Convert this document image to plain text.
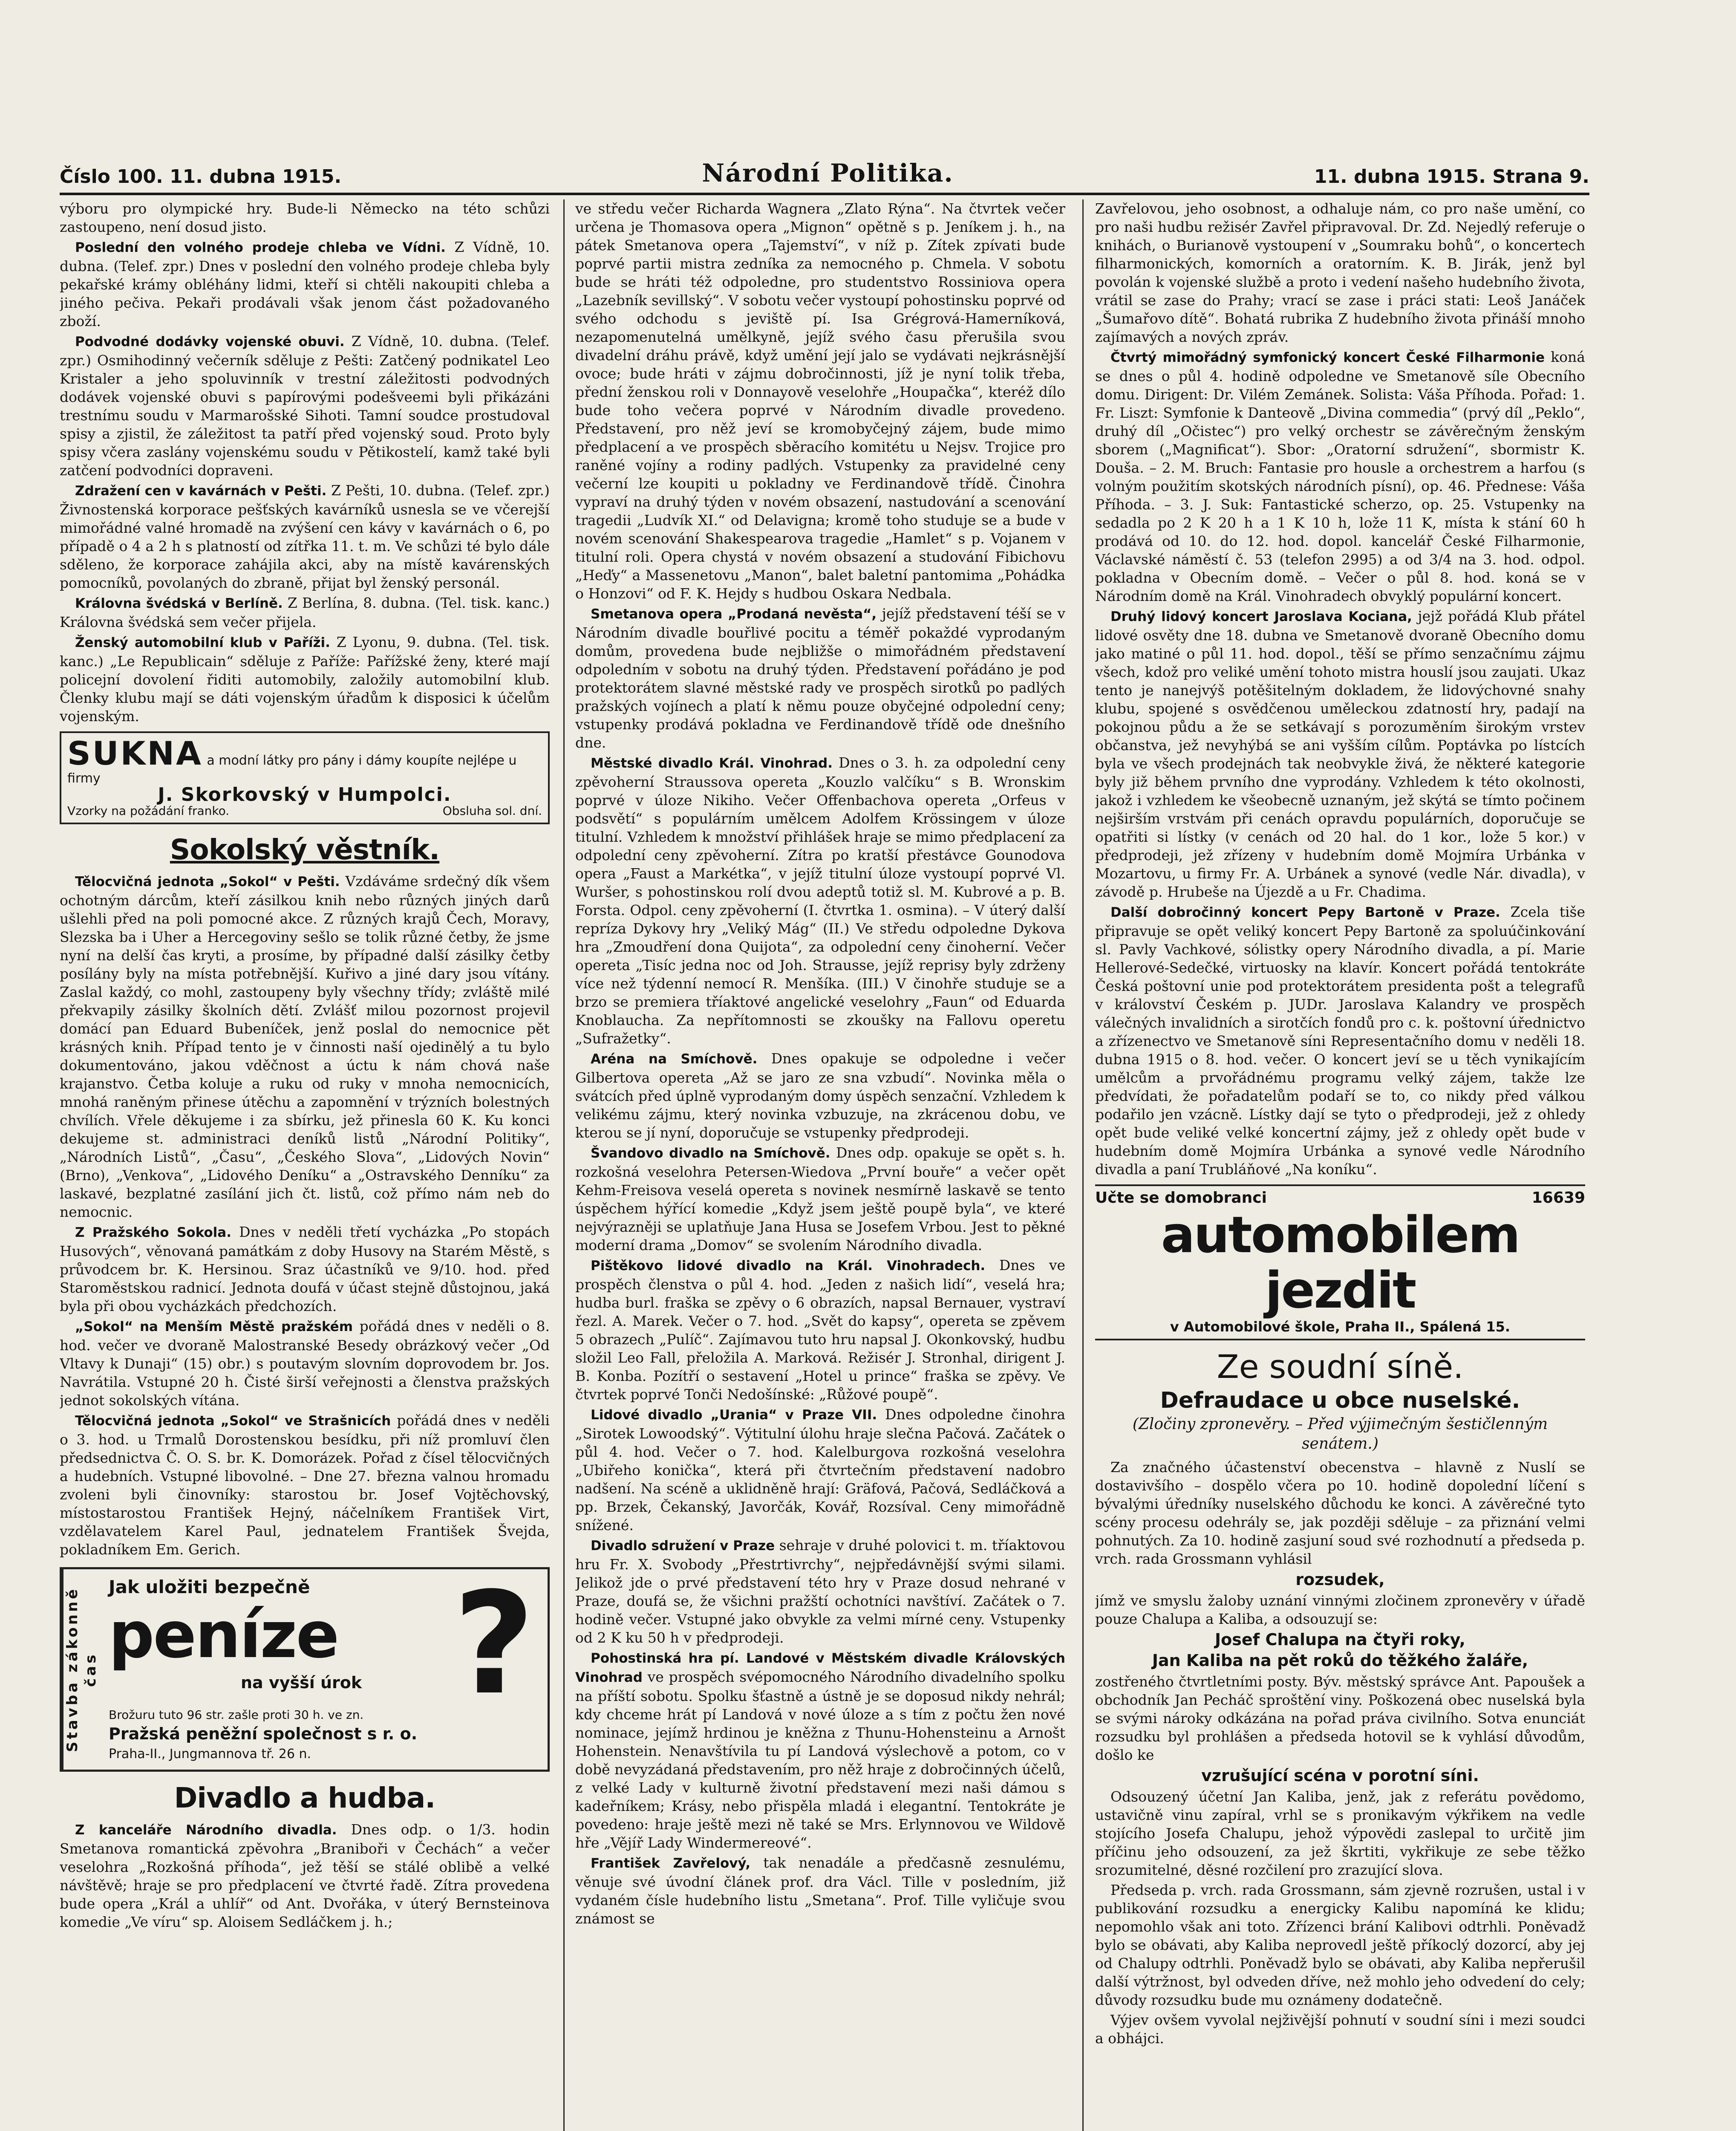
Číslo 100. 11. dubna 1915.	Národní Politika.	11. dubna 1915. Strana 9.

výboru pro olympické hry. Bude-li Německo na této schůzi zastoupeno, není dosud jisto.

Poslední den volného prodeje chleba ve Vídni. Z Vídně, 10. dubna. (Telef. zpr.) Dnes v poslední den volného prodeje chleba byly pekařské krámy obléhány lidmi, kteří si chtěli nakoupiti chleba a jiného pečiva. Pekaři prodávali však jenom část požadovaného zboží.

Podvodné dodávky vojenské obuvi. Z Vídně, 10. dubna. (Telef. zpr.) Osmihodinný večerník sděluje z Pešti: Zatčený podnikatel Leo Kristaler a jeho spoluvinník v trestní záležitosti podvodných dodávek vojenské obuvi s papírovými podešveemi byli přikázáni trestnímu soudu v Marmarošské Sihoti. Tamní soudce prostudoval spisy a zjistil, že záležitost ta patří před vojenský soud. Proto byly spisy včera zaslány vojenskému soudu v Pětikostelí, kamž také byli zatčení podvodníci dopraveni.

Zdražení cen v kavárnách v Pešti. Z Pešti, 10. dubna. (Telef. zpr.) Živnostenská korporace pešťských kavárníků usnesla se ve včerejší mimořádné valné hromadě na zvýšení cen kávy v kavárnách o 6, po případě o 4 a 2 h s platností od zítřka 11. t. m. Ve schůzi té bylo dále sděleno, že korporace zahájila akci, aby na místě kavárenských pomocníků, povolaných do zbraně, přijat byl ženský personál.

Královna švédská v Berlíně. Z Berlína, 8. dubna. (Tel. tisk. kanc.) Královna švédská sem večer přijela.

Ženský automobilní klub v Paříži. Z Lyonu, 9. dubna. (Tel. tisk. kanc.) „Le Republicain“ sděluje z Paříže: Pařížské ženy, které mají policejní dovolení řiditi automobily, založily automobilní klub. Členky klubu mají se dáti vojenským úřadům k disposici k účelům vojenským.

SUKNA a modní látky pro pány i dámy koupíte nejlépe u firmy
J. Skorkovský v Humpolci.
Vzorky na požádání franko.	Obsluha sol. dní.
Sokolský věstník.

Tělocvičná jednota „Sokol“ v Pešti. Vzdáváme srdečný dík všem ochotným dárcům, kteří zásilkou knih nebo různých jiných darů ušlehli před na poli pomocné akce. Z různých krajů Čech, Moravy, Slezska ba i Uher a Hercegoviny sešlo se tolik různé četby, že jsme nyní na delší čas kryti, a prosíme, by případné další zásilky četby posílány byly na místa potřebnější. Kuřivo a jiné dary jsou vítány. Zaslal každý, co mohl, zastoupeny byly všechny třídy; zvláště milé překvapily zásilky školních dětí. Zvlášť milou pozornost projevil domácí pan Eduard Bubeníček, jenž poslal do nemocnice pět krásných knih. Případ tento je v činnosti naší ojedinělý a tu bylo dokumentováno, jakou vděčnost a úctu k nám chová naše krajanstvo. Četba koluje a ruku od ruky v mnoha nemocnicích, mnohá raněným přinese útěchu a zapomnění v trýzních bolestných chvílích. Vřele děkujeme i za sbírku, jež přinesla 60 K. Ku konci dekujeme st. administraci deníků listů „Národní Politiky“, „Národních Listů“, „Času“, „Českého Slova“, „Lidových Novin“ (Brno), „Venkova“, „Lidového Deníku“ a „Ostravského Denníku“ za laskavé, bezplatné zasílání jich čt. listů, což přímo nám neb do nemocnic.

Z Pražského Sokola. Dnes v neděli třetí vycházka „Po stopách Husových“, věnovaná památkám z doby Husovy na Starém Městě, s průvodcem br. K. Hersinou. Sraz účastníků ve 9/10. hod. před Staroměstskou radnicí. Jednota doufá v účast stejně důstojnou, jaká byla při obou vycházkách předchozích.

„Sokol“ na Menším Městě pražském pořádá dnes v neděli o 8. hod. večer ve dvoraně Malostranské Besedy obrázkový večer „Od Vltavy k Dunaji“ (15) obr.) s poutavým slovním doprovodem br. Jos. Navrátila. Vstupné 20 h. Čisté širší veřejnosti a členstva pražských jednot sokolských vítána.

Tělocvičná jednota „Sokol“ ve Strašnicích pořádá dnes v neděli o 3. hod. u Trmalů Dorostenskou besídku, při níž promluví člen předsednictva Č. O. S. br. K. Domorázek. Pořad z čísel tělocvičných a hudebních. Vstupné libovolné. – Dne 27. března valnou hromadu zvoleni byli činovníky: starostou br. Josef Vojtěchovský, místostarostou František Hejný, náčelníkem František Virt, vzdělavatelem Karel Paul, jednatelem František Švejda, pokladníkem Em. Gerich.

Stavba zákonně čas
Jak uložiti bezpečně
peníze ?
na vyšší úrok
Brožuru tuto 96 str. zašle proti 30 h. ve zn.
Pražská peněžní společnost s r. o.
Praha-II., Jungmannova tř. 26 n.
Divadlo a hudba.

Z kanceláře Národního divadla. Dnes odp. o 1/3. hodin Smetanova romantická zpěvohra „Braniboři v Čechách“ a večer veselohra „Rozkošná příhoda“, jež těší se stálé oblibě a velké návštěvě; hraje se pro předplacení ve čtvrté řadě. Zítra provedena bude opera „Král a uhlíř“ od Ant. Dvořáka, v úterý Bernsteinova komedie „Ve víru“ sp. Aloisem Sedláčkem j. h.;

ve středu večer Richarda Wagnera „Zlato Rýna“. Na čtvrtek večer určena je Thomasova opera „Mignon“ opětně s p. Jeníkem j. h., na pátek Smetanova opera „Tajemství“, v níž p. Zítek zpívati bude poprvé partii mistra zedníka za nemocného p. Chmela. V sobotu bude se hráti též odpoledne, pro studentstvo Rossiniova opera „Lazebník sevillský“. V sobotu večer vystoupí pohostinsku poprvé od svého odchodu s jeviště pí. Isa Grégrová-Hamerníková, nezapomenutelná umělkyně, jejíž svého času přerušila svou divadelní dráhu právě, když umění její jalo se vydávati nejkrásnější ovoce; bude hráti v zájmu dobročinnosti, jíž je nyní tolik třeba, přední ženskou roli v Donnayově veselohře „Houpačka“, kteréž dílo bude toho večera poprvé v Národním divadle provedeno. Představení, pro něž jeví se kromobyčejný zájem, bude mimo předplacení a ve prospěch sběracího komitétu u Nejsv. Trojice pro raněné vojíny a rodiny padlých. Vstupenky za pravidelné ceny večerní lze koupiti u pokladny ve Ferdinandově třídě. Činohra vypraví na druhý týden v novém obsazení, nastudování a scenování tragedii „Ludvík XI.“ od Delavigna; kromě toho studuje se a bude v novém scenování Shakespearova tragedie „Hamlet“ s p. Vojanem v titulní roli. Opera chystá v novém obsazení a studování Fibichovu „Heďy“ a Massenetovu „Manon“, balet baletní pantomima „Pohádka o Honzovi“ od F. K. Hejdy s hudbou Oskara Nedbala.

Smetanova opera „Prodaná nevěsta“, jejíž představení téší se v Národním divadle bouřlivé pocitu a téměř pokaždé vyprodaným domům, provedena bude nejbližše o mimořádném představení odpoledním v sobotu na druhý týden. Představení pořádáno je pod protektorátem slavné městské rady ve prospěch sirotků po padlých pražských vojínech a platí k němu pouze obyčejné odpolední ceny; vstupenky prodává pokladna ve Ferdinandově třídě ode dnešního dne.

Městské divadlo Král. Vinohrad. Dnes o 3. h. za odpolední ceny zpěvoherní Straussova opereta „Kouzlo valčíku“ s B. Wronskim poprvé v úloze Nikiho. Večer Offenbachova opereta „Orfeus v podsvětí“ s populárním umělcem Adolfem Krössingem v úloze titulní. Vzhledem k množství přihlášek hraje se mimo předplacení za odpolední ceny zpěvoherní. Zítra po kratší přestávce Gounodova opera „Faust a Markétka“, v jejíž titulní úloze vystoupí poprvé Vl. Wuršer, s pohostinskou rolí dvou adeptů totiž sl. M. Kubrové a p. B. Forsta. Odpol. ceny zpěvoherní (I. čtvrtka 1. osmina). – V úterý další repríza Dykovy hry „Veliký Mág“ (II.) Ve středu odpoledne Dykova hra „Zmoudření dona Quijota“, za odpolední ceny činoherní. Večer opereta „Tisíc jedna noc od Joh. Strausse, jejíž reprisy byly zdrženy více než týdenní nemocí R. Menšíka. (III.) V činohře studuje se a brzo se premiera tříaktové angelické veselohry „Faun“ od Eduarda Knoblaucha. Za nepřítomnosti se zkoušky na Fallovu operetu „Sufražetky“.

Aréna na Smíchově. Dnes opakuje se odpoledne i večer Gilbertova opereta „Až se jaro ze sna vzbudí“. Novinka měla o svátcích před úplně vyprodaným domy úspěch senzační. Vzhledem k velikému zájmu, který novinka vzbuzuje, na zkrácenou dobu, ve kterou se jí nyní, doporučuje se vstupenky předprodeji.

Švandovo divadlo na Smíchově. Dnes odp. opakuje se opět s. h. rozkošná veselohra Petersen-Wiedova „První bouře“ a večer opět Kehm-Freisova veselá opereta s novinek nesmírně laskavě se tento úspěchem hýřící komedie „Když jsem ještě poupě byla“, ve které nejvýrazněji se uplatňuje Jana Husa se Josefem Vrbou. Jest to pěkné moderní drama „Domov“ se svolením Národního divadla.

Pištěkovo lidové divadlo na Král. Vinohradech. Dnes ve prospěch členstva o půl 4. hod. „Jeden z našich lidí“, veselá hra; hudba burl. fraška se zpěvy o 6 obrazích, napsal Bernauer, vystraví řezl. A. Marek. Večer o 7. hod. „Svět do kapsy“, opereta se zpěvem 5 obrazech „Pulíč“. Zajímavou tuto hru napsal J. Okonkovský, hudbu složil Leo Fall, přeložila A. Marková. Režisér J. Stronhal, dirigent J. B. Konba. Pozítří o sestavení „Hotel u prince“ fraška se zpěvy. Ve čtvrtek poprvé Tonči Nedošínské: „Růžové poupě“.

Lidové divadlo „Urania“ v Praze VII. Dnes odpoledne činohra „Sirotek Lowoodský“. Výtitulní úlohu hraje slečna Pačová. Začátek o půl 4. hod. Večer o 7. hod. Kalelburgova rozkošná veselohra „Ubiřeho konička“, která při čtvrtečním představení nadobro nadšení. Na scéně a uklidněně hrají: Gräfová, Pačová, Sedláčková a pp. Brzek, Čekanský, Javorčák, Kovář, Rozsíval. Ceny mimořádně snížené.

Divadlo sdružení v Praze sehraje v druhé polovici t. m. tříaktovou hru Fr. X. Svobody „Přestrtivrchy“, nejpředávnější svými silami. Jelikož jde o prvé představení této hry v Praze dosud nehrané v Praze, doufá se, že všichni pražští ochotníci navštíví. Začátek o 7. hodině večer. Vstupné jako obvykle za velmi mírné ceny. Vstupenky od 2 K ku 50 h v předprodeji.

Pohostinská hra pí. Landové v Městském divadle Královských Vinohrad ve prospěch svépomocného Národního divadelního spolku na příští sobotu. Spolku šťastně a ústně je se doposud nikdy nehrál; kdy chceme hrát pí Landová v nové úloze a s tím z počtu žen nové nominace, jejímž hrdinou je kněžna z Thunu-Hohensteinu a Arnošt Hohenstein. Nenavštívila tu pí Landová výslechově a potom, co v době nevyzádaná představením, pro něž hraje z dobročinných účelů, z velké Lady v kulturně životní představení mezi naši dámou s kadeřníkem; Krásy, nebo přispěla mladá i elegantní. Tentokráte je povedeno: hraje ještě mezi ně také se Mrs. Erlynnovou ve Wildově hře „Vějíř Lady Windermereové“.

František Zavřelový, tak nenadále a předčasně zesnulému, věnuje své úvodní článek prof. dra Václ. Tille v posledním, již vydaném čísle hudebního listu „Smetana“. Prof. Tille vyličuje svou známost se

Zavřelovou, jeho osobnost, a odhaluje nám, co pro naše umění, co pro naši hudbu režisér Zavřel připravoval. Dr. Zd. Nejedlý referuje o knihách, o Burianově vystoupení v „Soumraku bohů“, o koncertech filharmonických, komorních a oratorním. K. B. Jirák, jenž byl povolán k vojenské službě a proto i vedení našeho hudebního života, vrátil se zase do Prahy; vrací se zase i práci stati: Leoš Janáček „Šumařovo dítě“. Bohatá rubrika Z hudebního života přináší mnoho zajímavých a nových zpráv.

Čtvrtý mimořádný symfonický koncert České Filharmonie koná se dnes o půl 4. hodině odpoledne ve Smetanově síle Obecního domu. Dirigent: Dr. Vilém Zemánek. Solista: Váša Příhoda. Pořad: 1. Fr. Liszt: Symfonie k Danteově „Divina commedia“ (prvý díl „Peklo“, druhý díl „Očistec“) pro velký orchestr se závěrečným ženským sborem („Magnificat“). Sbor: „Oratorní sdružení“, sbormistr K. Douša. – 2. M. Bruch: Fantasie pro housle a orchestrem a harfou (s volným použitím skotských národních písní), op. 46. Přednese: Váša Příhoda. – 3. J. Suk: Fantastické scherzo, op. 25. Vstupenky na sedadla po 2 K 20 h a 1 K 10 h, lože 11 K, místa k stání 60 h prodává od 10. do 12. hod. dopol. kancelář České Filharmonie, Václavské náměstí č. 53 (telefon 2995) a od 3/4 na 3. hod. odpol. pokladna v Obecním domě. – Večer o půl 8. hod. koná se v Národním domě na Král. Vinohradech obvyklý populární koncert.

Druhý lidový koncert Jaroslava Kociana, jejž pořádá Klub přátel lidové osvěty dne 18. dubna ve Smetanově dvoraně Obecního domu jako matiné o půl 11. hod. dopol., těší se přímo senzačnímu zájmu všech, kdož pro veliké umění tohoto mistra houslí jsou zaujati. Ukaz tento je nanejvýš potěšitelným dokladem, že lidovýchovné snahy klubu, spojené s osvědčenou uměleckou zdatností hry, padají na pokojnou půdu a že se setkávají s porozuměním širokým vrstev občanstva, jež nevyhýbá se ani vyšším cílům. Poptávka po lístcích byla ve všech prodejnách tak neobvykle živá, že některé kategorie byly již během prvního dne vyprodány. Vzhledem k této okolnosti, jakož i vzhledem ke všeobecně uznaným, jež skýtá se tímto počinem nejširším vrstvám při cenách opravdu populárních, doporučuje se opatřiti si lístky (v cenách od 20 hal. do 1 kor., lože 5 kor.) v předprodeji, jež zřízeny v hudebním domě Mojmíra Urbánka v Mozartovu, u firmy Fr. A. Urbánek a synové (vedle Nár. divadla), v závodě p. Hrubeše na Újezdě a u Fr. Chadima.

Další dobročinný koncert Pepy Bartoně v Praze. Zcela tiše připravuje se opět veliký koncert Pepy Bartoně za spoluúčinkování sl. Pavly Vachkové, sólistky opery Národního divadla, a pí. Marie Hellerové-Sedečké, virtuosky na klavír. Koncert pořádá tentokráte Česká poštovní unie pod protektorátem presidenta pošt a telegrafů v království Českém p. JUDr. Jaroslava Kalandry ve prospěch válečných invalidních a sirotčích fondů pro c. k. poštovní úřednictvo a zřízenectvo ve Smetanově síni Representačního domu v neděli 18. dubna 1915 o 8. hod. večer. O koncert jeví se u těch vynikajícím umělcům a prvořádnému programu velký zájem, takže lze předvídati, že pořadatelům podaří se to, co nikdy před válkou podařilo jen vzácně. Lístky dají se tyto o předprodeji, jež z ohledy opět bude veliké velké koncertní zájmy, jež z ohledy opět bude v hudebním domě Mojmíra Urbánka a synové vedle Národního divadla a paní Trubláňové „Na koníku“.

Učte se domobranci	16639
automobilem jezdit
v Automobilové škole, Praha II., Spálená 15.
Ze soudní síně.
Defraudace u obce nuselské.
(Zločiny zpronevěry. – Před výjimečným šestičlenným senátem.)

Za značného účastenství obecenstva – hlavně z Nuslí se dostavivšího – dospělo včera po 10. hodině dopolední líčení s bývalými úředníky nuselského důchodu ke konci. A závěrečné tyto scény procesu odehrály se, jak později sděluje – za přiznání velmi pohnutých. Za 10. hodině zasjuní soud své rozhodnutí a předseda p. vrch. rada Grossmann vyhlásil

rozsudek,

jímž ve smyslu žaloby uznání vinnými zločinem zpronevěry v úřadě pouze Chalupa a Kaliba, a odsouzují se:

Josef Chalupa na čtyři roky,
Jan Kaliba na pět roků do těžkého žaláře,

zostřeného čtvrtletními posty. Býv. městský správce Ant. Papoušek a obchodník Jan Pecháč sproštění viny. Poškozená obec nuselská byla se svými nároky odkázána na pořad práva civilního. Sotva enunciát rozsudku byl prohlášen a předseda hotovil se k vyhlásí důvodům, došlo ke

vzrušující scéna v porotní síni.

Odsouzený účetní Jan Kaliba, jenž, jak z referátu povědomo, ustavičně vinu zapíral, vrhl se s pronikavým výkřikem na vedle stojícího Josefa Chalupu, jehož výpovědi zaslepal to určitě jim příčinu jeho odsouzení, za jež škrtiti, vykřikuje ze sebe těžko srozumitelné, děsné rozčilení pro zrazující slova.

Předseda p. vrch. rada Grossmann, sám zjevně rozrušen, ustal i v publikování rozsudku a energicky Kalibu napomíná ke klidu; nepomohlo však ani toto. Zřízenci brání Kalibovi odtrhli. Poněvadž bylo se obávati, aby Kaliba neprovedl ještě příkoclý dozorcí, aby jej od Chalupy odtrhli. Poněvadž bylo se obávati, aby Kaliba nepřerušil další výtržnost, byl odveden dříve, než mohlo jeho odvedení do cely; důvody rozsudku bude mu oznámeny dodatečně.

Výjev ovšem vyvolal nejživější pohnutí v soudní síni i mezi soudci a obhájci.
